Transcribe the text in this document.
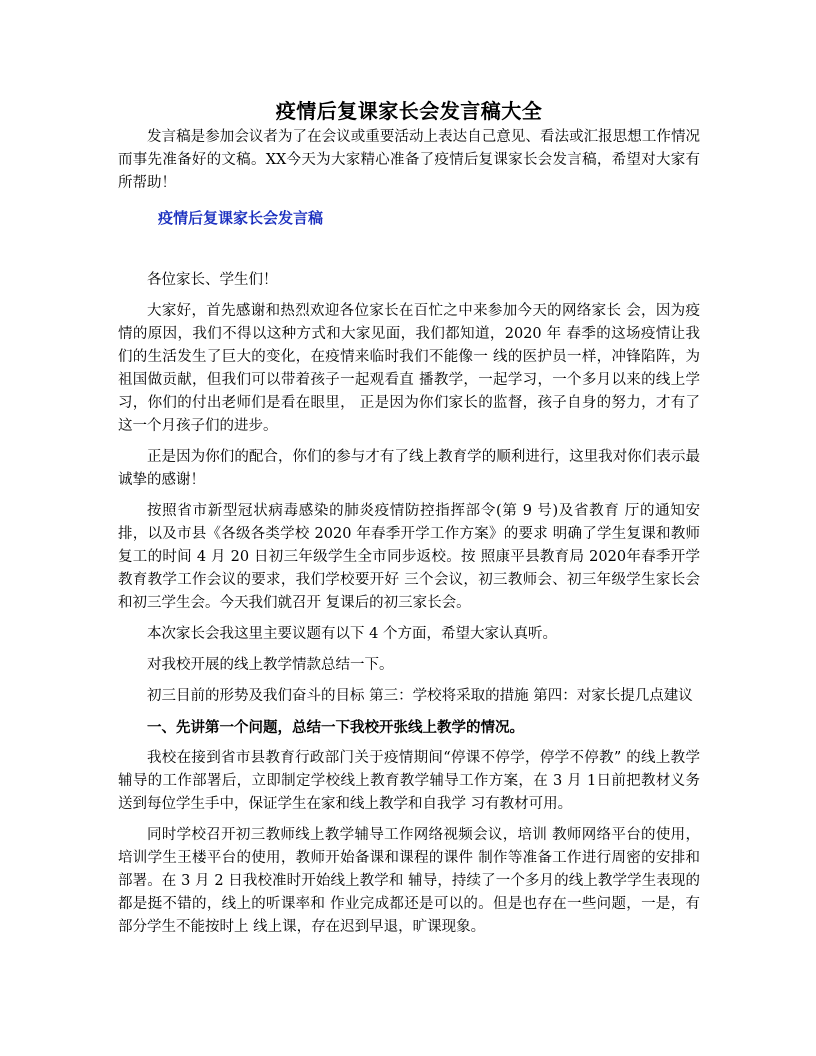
疫情后复课家长会发言稿大全

发言稿是参加会议者为了在会议或重要活动上表达自己意见、看法或汇报思想工作情况而事先准备好的文稿。XX今天为大家精心准备了疫情后复课家长会发言稿，希望对大家有所帮助！

疫情后复课家长会发言稿

各位家长、学生们！

大家好，首先感谢和热烈欢迎各位家长在百忙之中来参加今天的网络家长 会，因为疫情的原因，我们不得以这种方式和大家见面，我们都知道，2020 年 春季的这场疫情让我们的生活发生了巨大的变化，在疫情来临时我们不能像一 线的医护员一样，冲锋陷阵，为祖国做贡献，但我们可以带着孩子一起观看直 播教学，一起学习，一个多月以来的线上学习，你们的付出老师们是看在眼里， 正是因为你们家长的监督，孩子自身的努力，才有了这一个月孩子们的进步。

正是因为你们的配合，你们的参与才有了线上教育学的顺利进行，这里我对你们表示最诚挚的感谢！

按照省市新型冠状病毒感染的肺炎疫情防控指挥部令(第 9 号)及省教育 厅的通知安排，以及市县《各级各类学校 2020 年春季开学工作方案》的要求 明确了学生复课和教师复工的时间 4 月 20 日初三年级学生全市同步返校。按 照康平县教育局 2020年春季开学教育教学工作会议的要求，我们学校要开好 三个会议，初三教师会、初三年级学生家长会和初三学生会。今天我们就召开 复课后的初三家长会。

本次家长会我这里主要议题有以下 4 个方面，希望大家认真听。

对我校开展的线上教学情款总结一下。

初三目前的形势及我们奋斗的目标 第三：学校将采取的措施 第四：对家长提几点建议

一、先讲第一个问题，总结一下我校开张线上教学的情况。

我校在接到省市县教育行政部门关于疫情期间“停课不停学，停学不停教” 的线上教学辅导的工作部署后，立即制定学校线上教育教学辅导工作方案，在 3 月 1日前把教材义务送到每位学生手中，保证学生在家和线上教学和自我学 习有教材可用。

同时学校召开初三教师线上教学辅导工作网络视频会议，培训 教师网络平台的使用，培训学生王楼平台的使用，教师开始备课和课程的课件 制作等准备工作进行周密的安排和部署。在 3 月 2 日我校准时开始线上教学和 辅导，持续了一个多月的线上教学学生表现的都是挺不错的，线上的听课率和 作业完成都还是可以的。但是也存在一些问题，一是，有部分学生不能按时上 线上课，存在迟到早退，旷课现象。
